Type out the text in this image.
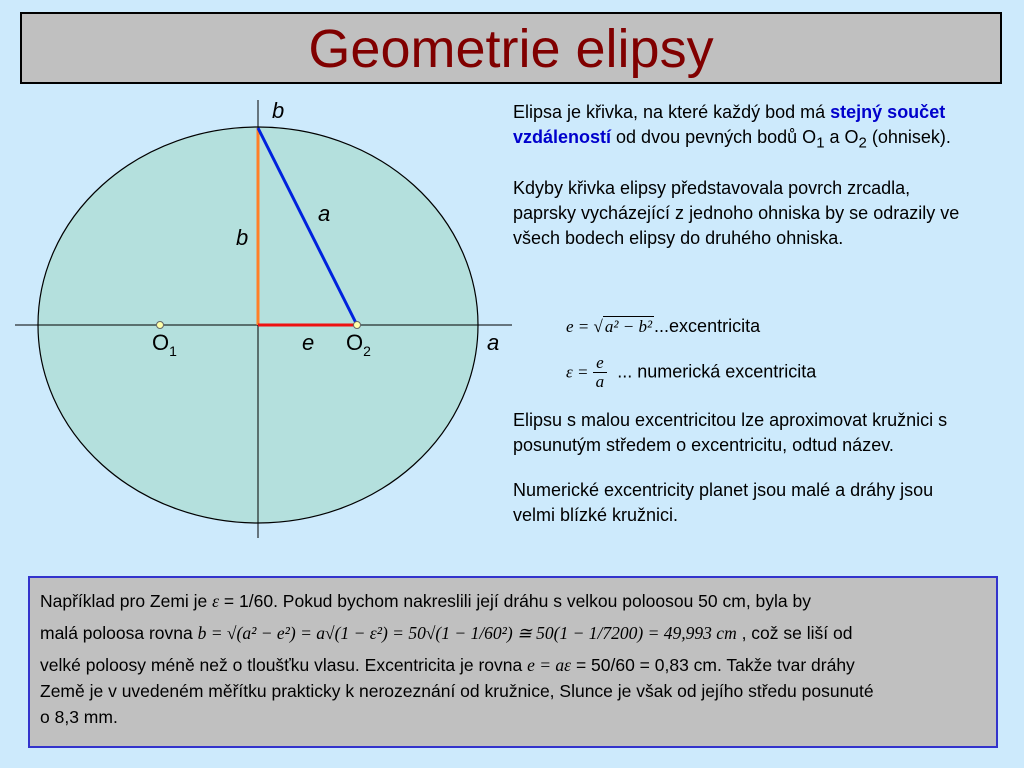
Geometrie elipsy
b
a
b
$O_1$	e $O_2$	a

Elipsa je křivka, na které každý bod má stejný součet vzdáleností od dvou pevných bodů $O_1$ a $O_2$ (ohnisek).

Kdyby křivka elipsy představovala povrch zrcadla, paprsky vycházející z jednoho ohniska by se odrazily ve všech bodech elipsy do druhého ohniska.

e = √ a² − b² ...excentricita
$\varepsilon = \frac{e}{a}$ ... numerická excentricita

Elipsu s malou excentricitou lze aproximovat kružnici s posunutým středem o excentricitu, odtud název.

Numerické excentricity planet jsou malé a dráhy jsou velmi blízké kružnici.

Například pro Zemi je ε = 1/60. Pokud bychom nakreslili její dráhu s velkou poloosou 50 cm, byla by
malá poloosa rovna b = √(a² − e²) = a√(1 − ε²) = 50√(1 − 1/60²) ≅ 50(1 − 1/7200) = 49,993 cm , což se liší od
velké poloosy méně než o tloušťku vlasu. Excentricita je rovna e = aε = 50/60 = 0,83 cm. Takže tvar dráhy
Země je v uvedeném měřítku prakticky k nerozeznání od kružnice, Slunce je však od jejího středu posunuté
o 8,3 mm.
